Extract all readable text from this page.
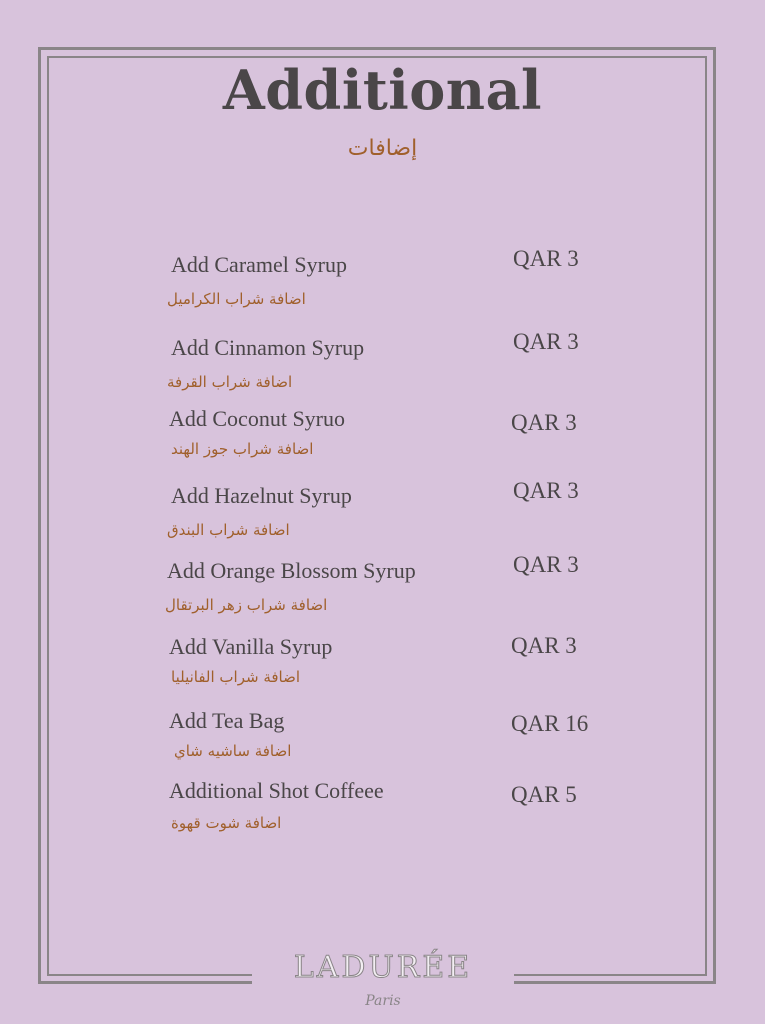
Additional
إضافات
Add Caramel Syrup
اضافة شراب الكراميل
QAR 3
Add Cinnamon Syrup
اضافة شراب القرفة
QAR 3
Add Coconut Syruo
اضافة شراب جوز الهند
QAR 3
Add Hazelnut Syrup
اضافة شراب البندق
QAR 3
Add Orange Blossom Syrup
اضافة شراب زهر البرتقال
QAR 3
Add Vanilla Syrup
اضافة شراب الفانيليا
QAR 3
Add Tea Bag
اضافة ساشيه شاي
QAR 16
Additional Shot Coffeee
اضافة شوت قهوة
QAR 5
LADURÉE
Paris
